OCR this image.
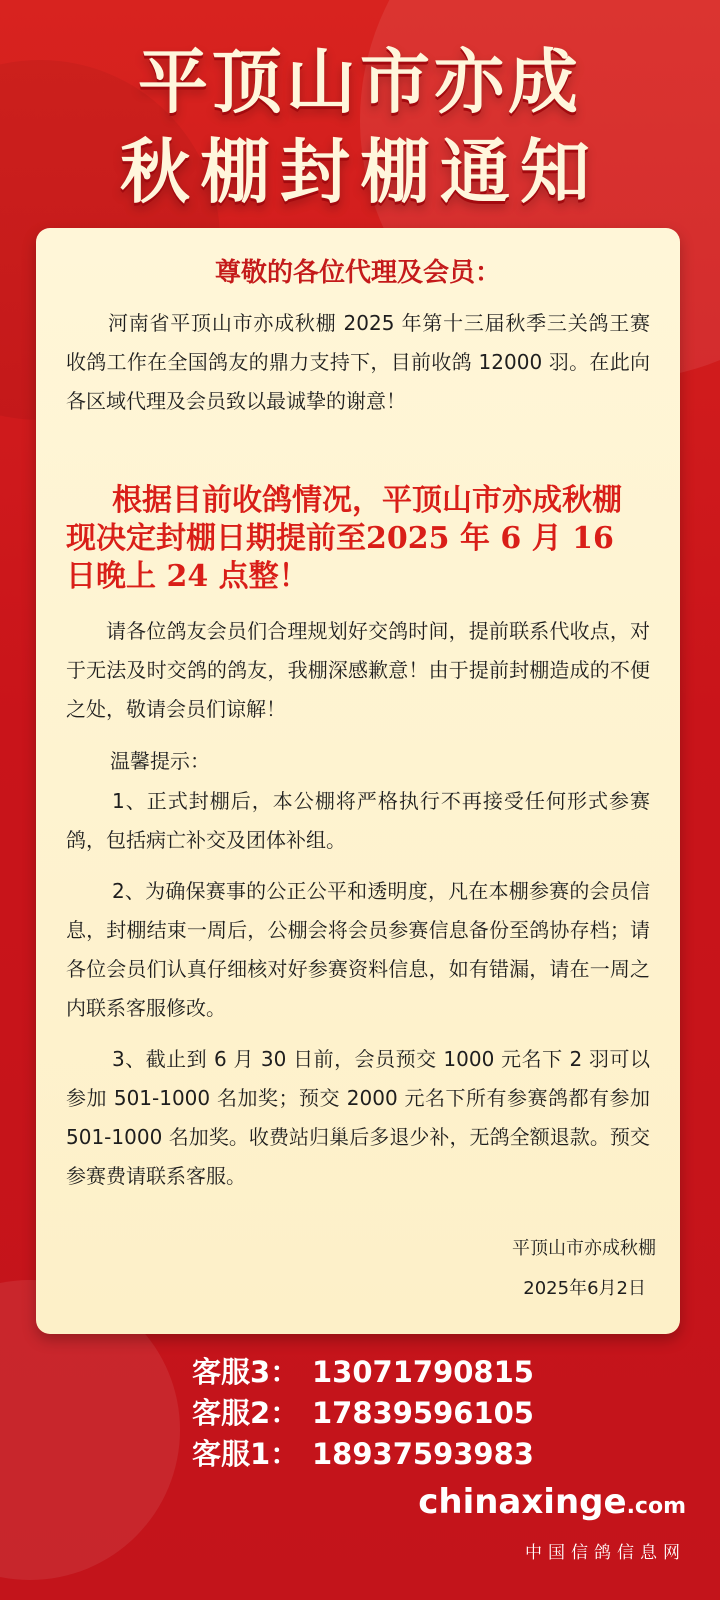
平顶山市亦成
秋棚封棚通知
尊敬的各位代理及会员：

河南省平顶山市亦成秋棚 2025 年第十三届秋季三关鸽王赛收鸽工作在全国鸽友的鼎力支持下，目前收鸽 12000 羽。在此向各区域代理及会员致以最诚挚的谢意！

根据目前收鸽情况，平顶山市亦成秋棚现决定封棚日期提前至2025 年 6 月 16 日晚上 24 点整！

请各位鸽友会员们合理规划好交鸽时间，提前联系代收点，对于无法及时交鸽的鸽友，我棚深感歉意！由于提前封棚造成的不便之处，敬请会员们谅解！

温馨提示：

1、正式封棚后，本公棚将严格执行不再接受任何形式参赛鸽，包括病亡补交及团体补组。

2、为确保赛事的公正公平和透明度，凡在本棚参赛的会员信息，封棚结束一周后，公棚会将会员参赛信息备份至鸽协存档；请各位会员们认真仔细核对好参赛资料信息，如有错漏，请在一周之内联系客服修改。

3、截止到 6 月 30 日前，会员预交 1000 元名下 2 羽可以参加 501-1000 名加奖；预交 2000 元名下所有参赛鸽都有参加 501-1000 名加奖。收费站归巢后多退少补，无鸽全额退款。预交参赛费请联系客服。

平顶山市亦成秋棚
2025年6月2日
客服3： 13071790815
客服2： 17839596105
客服1： 18937593983
chinaxinge.com
中国信鸽信息网
